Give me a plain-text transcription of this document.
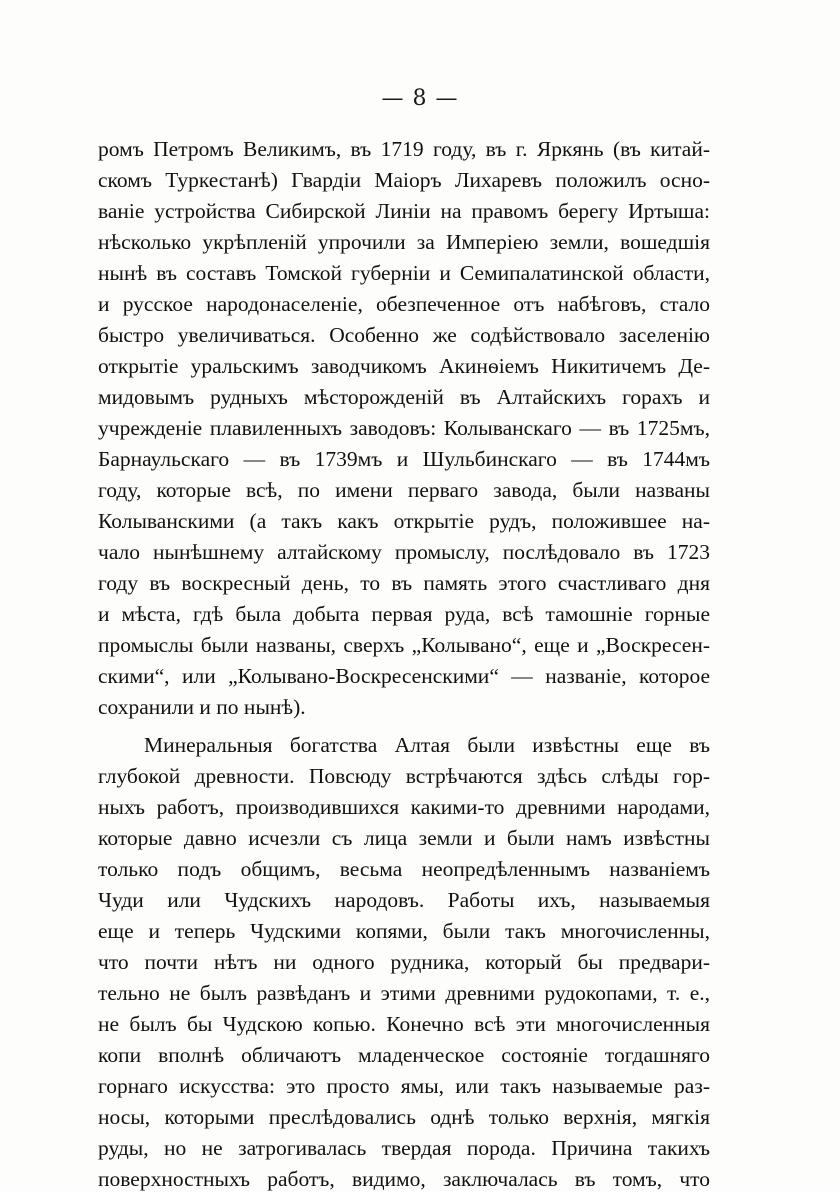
— 8 —
ромъ Петромъ Великимъ, въ 1719 году, въ г. Яркянь (въ китай-
скомъ Туркестанѣ) Гвардіи Маіоръ Лихаревъ положилъ осно-
ваніе устройства Сибирской Линіи на правомъ берегу Иртыша:
нѣсколько укрѣпленій упрочили за Имперіею земли, вошедшія
нынѣ въ составъ Томской губерніи и Семипалатинской области,
и русское народонаселеніе, обезпеченное отъ набѣговъ, стало
быстро увеличиваться. Особенно же содѣйствовало заселенію
открытіе уральскимъ заводчикомъ Акинѳіемъ Никитичемъ Де-
мидовымъ рудныхъ мѣсторожденій въ Алтайскихъ горахъ и
учрежденіе плавиленныхъ заводовъ: Колыванскаго — въ 1725мъ,
Барнаульскаго — въ 1739мъ и Шульбинскаго — въ 1744мъ
году, которые всѣ, по имени перваго завода, были названы
Колыванскими (а такъ какъ открытіе рудъ, положившее на-
чало нынѣшнему алтайскому промыслу, послѣдовало въ 1723
году въ воскресный день, то въ память этого счастливаго дня
и мѣста, гдѣ была добыта первая руда, всѣ тамошніе горные
промыслы были названы, сверхъ „Колывано“, еще и „Воскресен-
скими“, или „Колывано-Воскресенскими“ — названіе, которое
сохранили и по нынѣ).
Минеральныя богатства Алтая были извѣстны еще въ
глубокой древности. Повсюду встрѣчаются здѣсь слѣды гор-
ныхъ работъ, производившихся какими-то древними народами,
которые давно исчезли съ лица земли и были намъ извѣстны
только подъ общимъ, весьма неопредѣленнымъ названіемъ
Чуди или Чудскихъ народовъ. Работы ихъ, называемыя
еще и теперь Чудскими копями, были такъ многочисленны,
что почти нѣтъ ни одного рудника, который бы предвари-
тельно не былъ развѣданъ и этими древними рудокопами, т. е.,
не былъ бы Чудскою копью. Конечно всѣ эти многочисленныя
копи вполнѣ обличаютъ младенческое состояніе тогдашняго
горнаго искусства: это просто ямы, или такъ называемые раз-
носы, которыми преслѣдовались однѣ только верхнія, мягкія
руды, но не затрогивалась твердая порода. Причина такихъ
поверхностныхъ работъ, видимо, заключалась въ томъ, что
